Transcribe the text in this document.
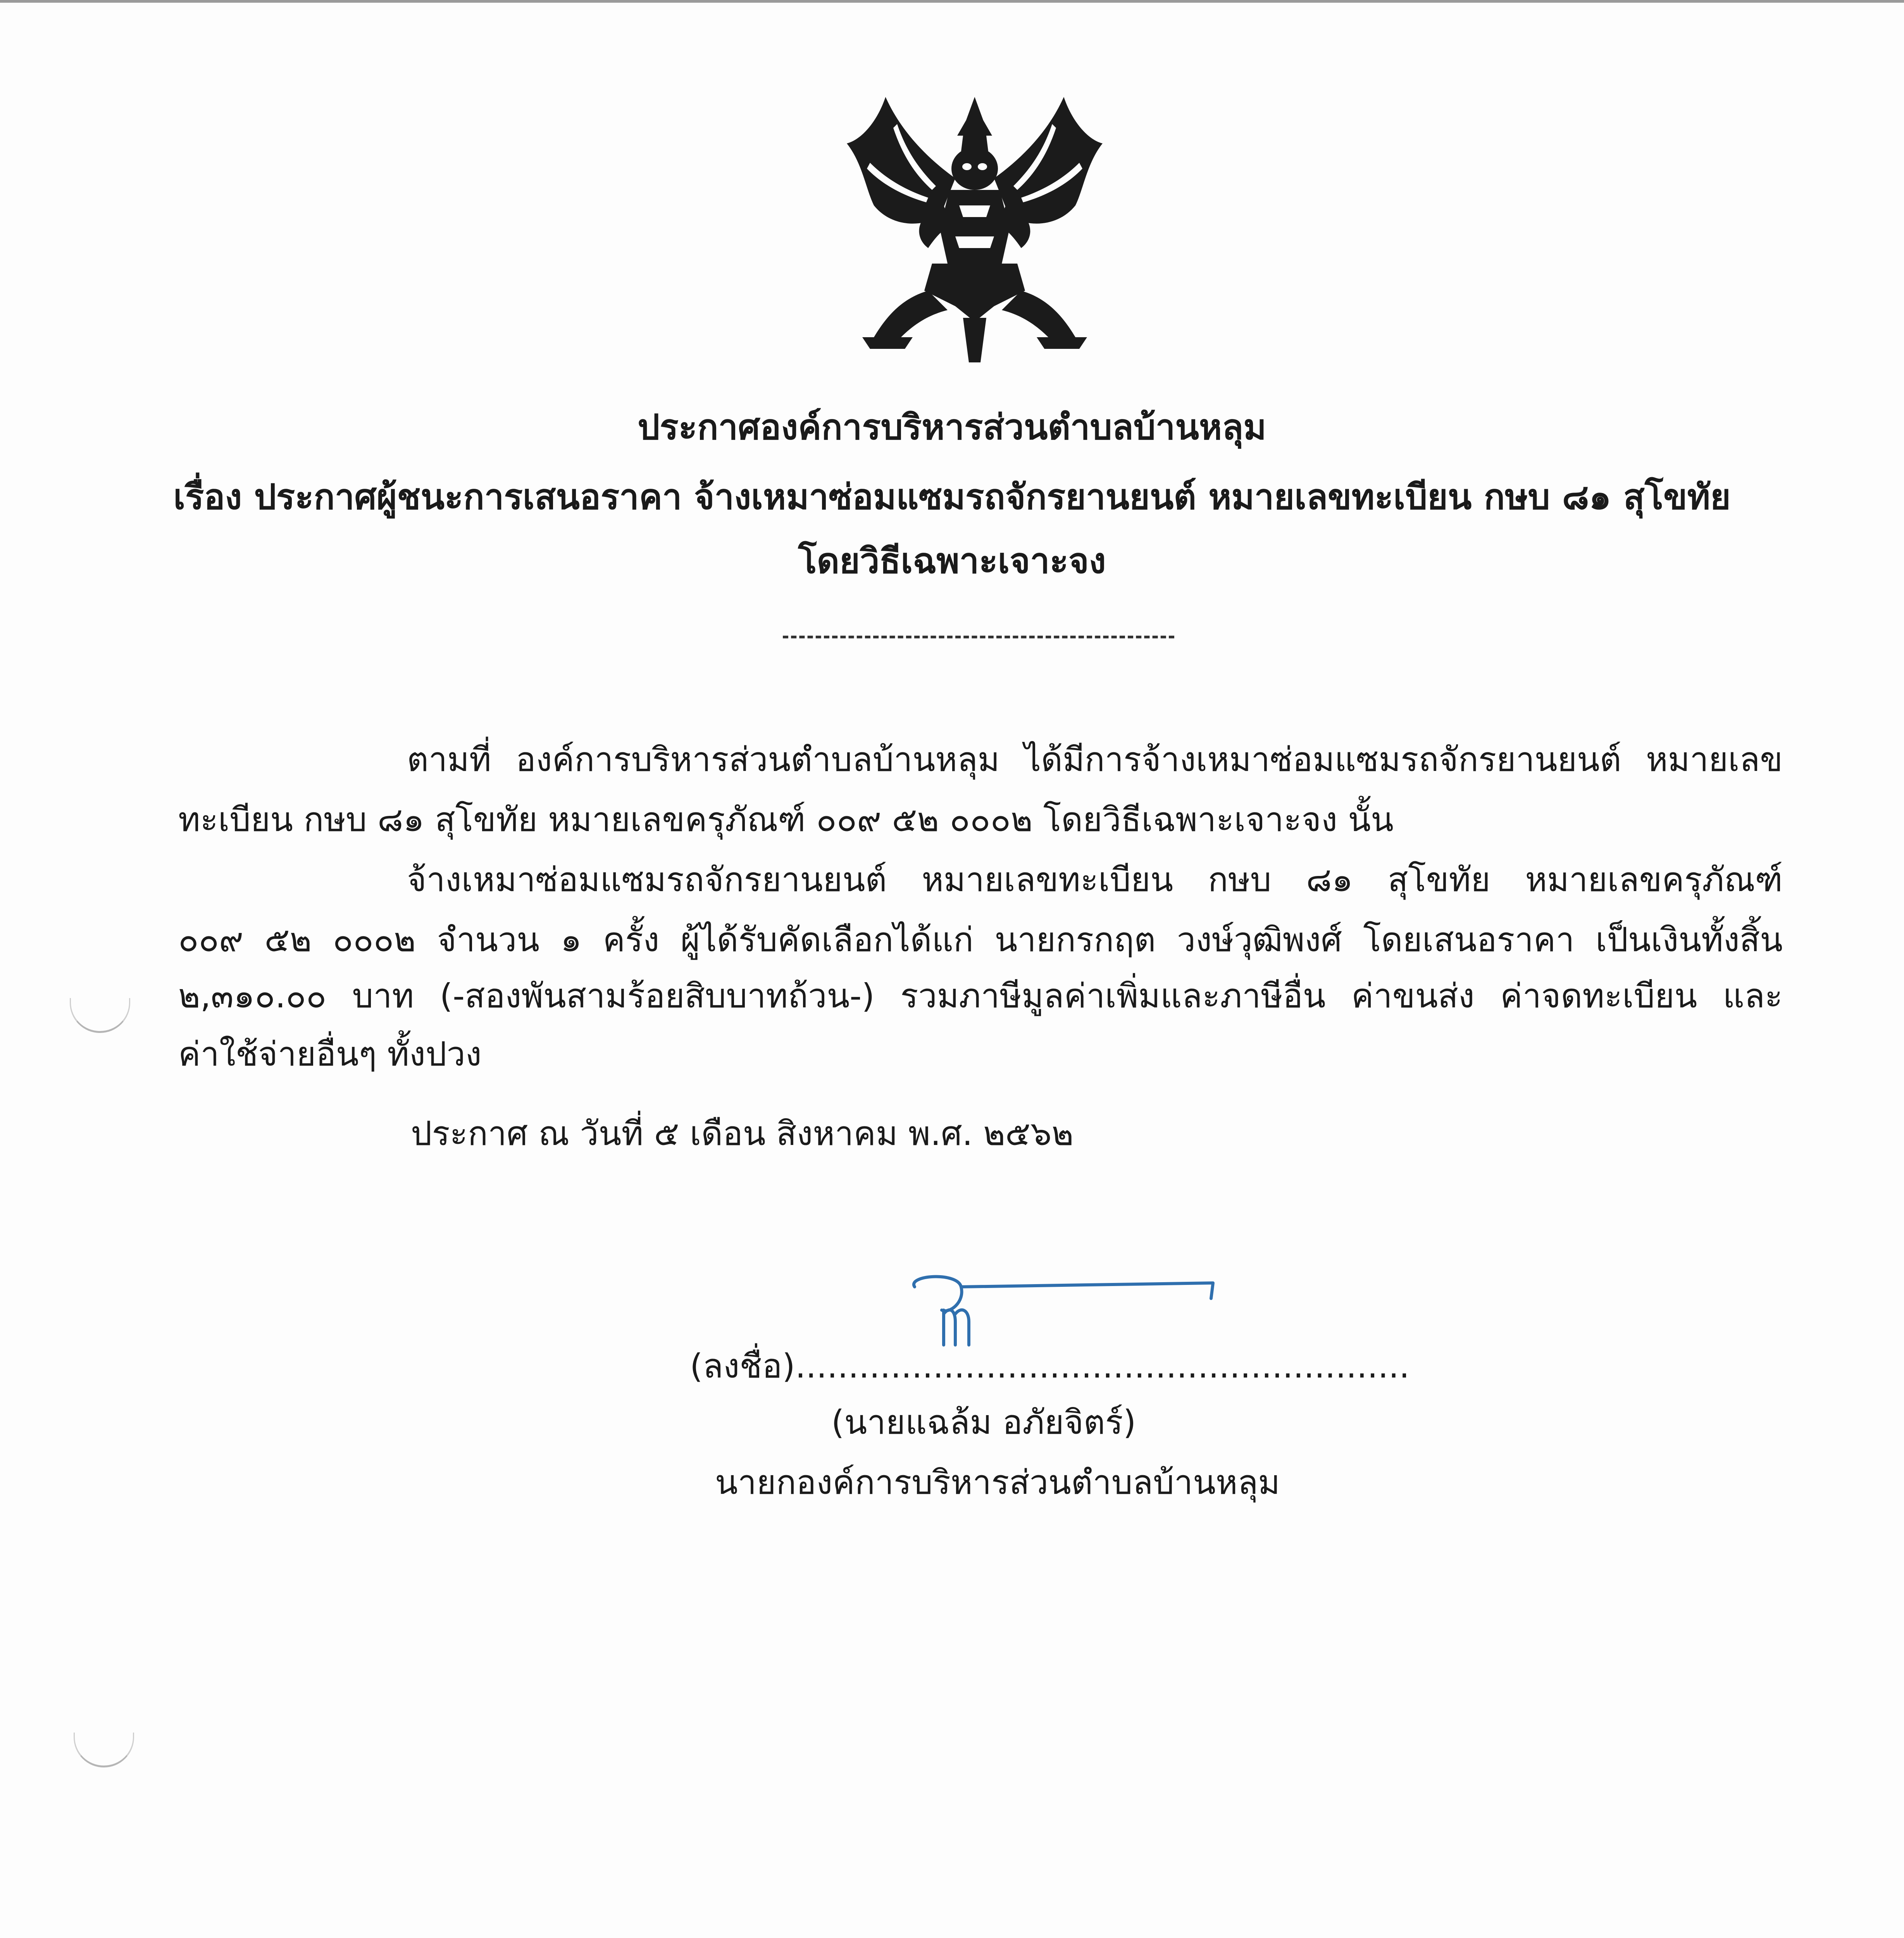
ประกาศองค์การบริหารส่วนตำบลบ้านหลุม
เรื่อง ประกาศผู้ชนะการเสนอราคา จ้างเหมาซ่อมแซมรถจักรยานยนต์ หมายเลขทะเบียน กษบ ๘๑ สุโขทัย
โดยวิธีเฉพาะเจาะจง
ตามที่ องค์การบริหารส่วนตำบลบ้านหลุม ได้มีการจ้างเหมาซ่อมแซมรถจักรยานยนต์ หมายเลข
ทะเบียน กษบ ๘๑ สุโขทัย หมายเลขครุภัณฑ์ ๐๐๙ ๕๒ ๐๐๐๒ โดยวิธีเฉพาะเจาะจง นั้น
จ้างเหมาซ่อมแซมรถจักรยานยนต์ หมายเลขทะเบียน กษบ ๘๑ สุโขทัย หมายเลขครุภัณฑ์
๐๐๙ ๕๒ ๐๐๐๒ จำนวน ๑ ครั้ง ผู้ได้รับคัดเลือกได้แก่ นายกรกฤต วงษ์วุฒิพงศ์ โดยเสนอราคา เป็นเงินทั้งสิ้น
๒,๓๑๐.๐๐ บาท (-สองพันสามร้อยสิบบาทถ้วน-) รวมภาษีมูลค่าเพิ่มและภาษีอื่น ค่าขนส่ง ค่าจดทะเบียน และ
ค่าใช้จ่ายอื่นๆ ทั้งปวง
ประกาศ ณ วันที่ ๕ เดือน สิงหาคม พ.ศ. ๒๕๖๒
(ลงชื่อ)..........................................................
(นายแฉล้ม อภัยจิตร์)
นายกองค์การบริหารส่วนตำบลบ้านหลุม
